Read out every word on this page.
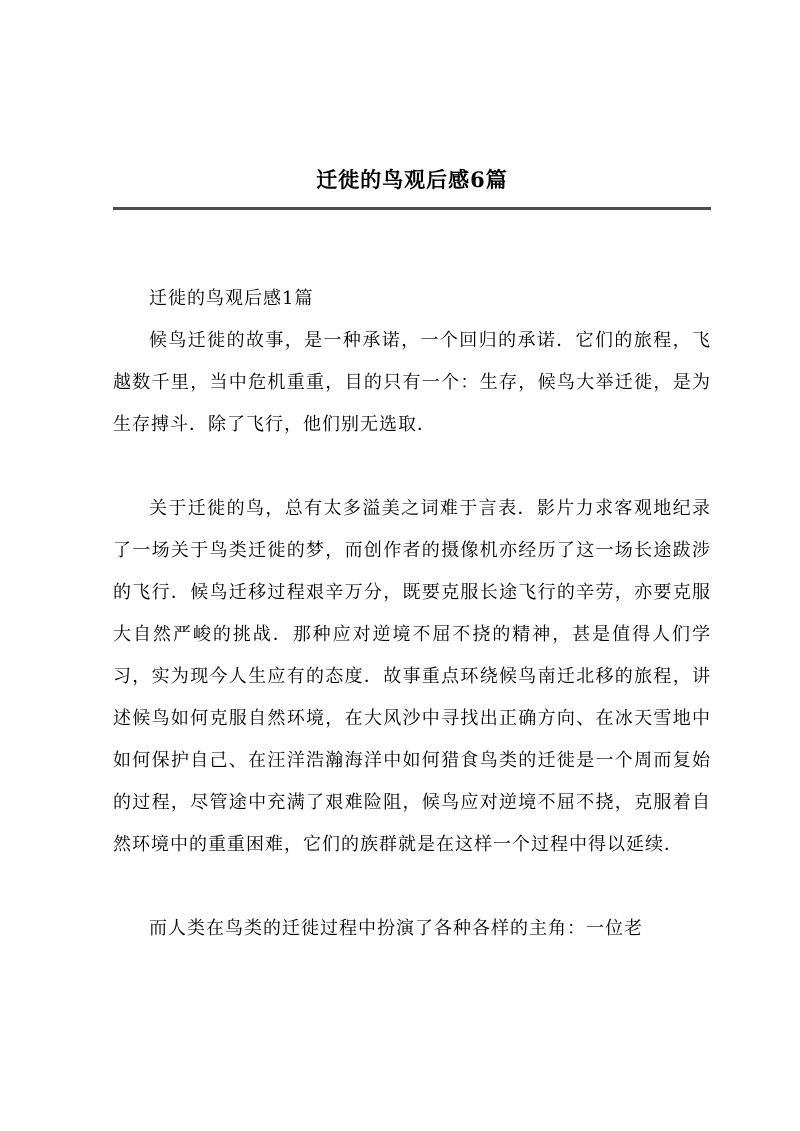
迁徙的鸟观后感6篇

迁徙的鸟观后感1篇

候鸟迁徙的故事，是一种承诺，一个回归的承诺．它们的旅程，飞越数千里，当中危机重重，目的只有一个：生存，候鸟大举迁徙，是为生存搏斗．除了飞行，他们别无选取．

关于迁徙的鸟，总有太多溢美之词难于言表．影片力求客观地纪录了一场关于鸟类迁徙的梦，而创作者的摄像机亦经历了这一场长途跋涉的飞行．候鸟迁移过程艰辛万分，既要克服长途飞行的辛劳，亦要克服大自然严峻的挑战．那种应对逆境不屈不挠的精神，甚是值得人们学习，实为现今人生应有的态度．故事重点环绕候鸟南迁北移的旅程，讲述候鸟如何克服自然环境，在大风沙中寻找出正确方向、在冰天雪地中如何保护自己、在汪洋浩瀚海洋中如何猎食鸟类的迁徙是一个周而复始的过程，尽管途中充满了艰难险阻，候鸟应对逆境不屈不挠，克服着自然环境中的重重困难，它们的族群就是在这样一个过程中得以延续．

而人类在鸟类的迁徙过程中扮演了各种各样的主角：一位老
